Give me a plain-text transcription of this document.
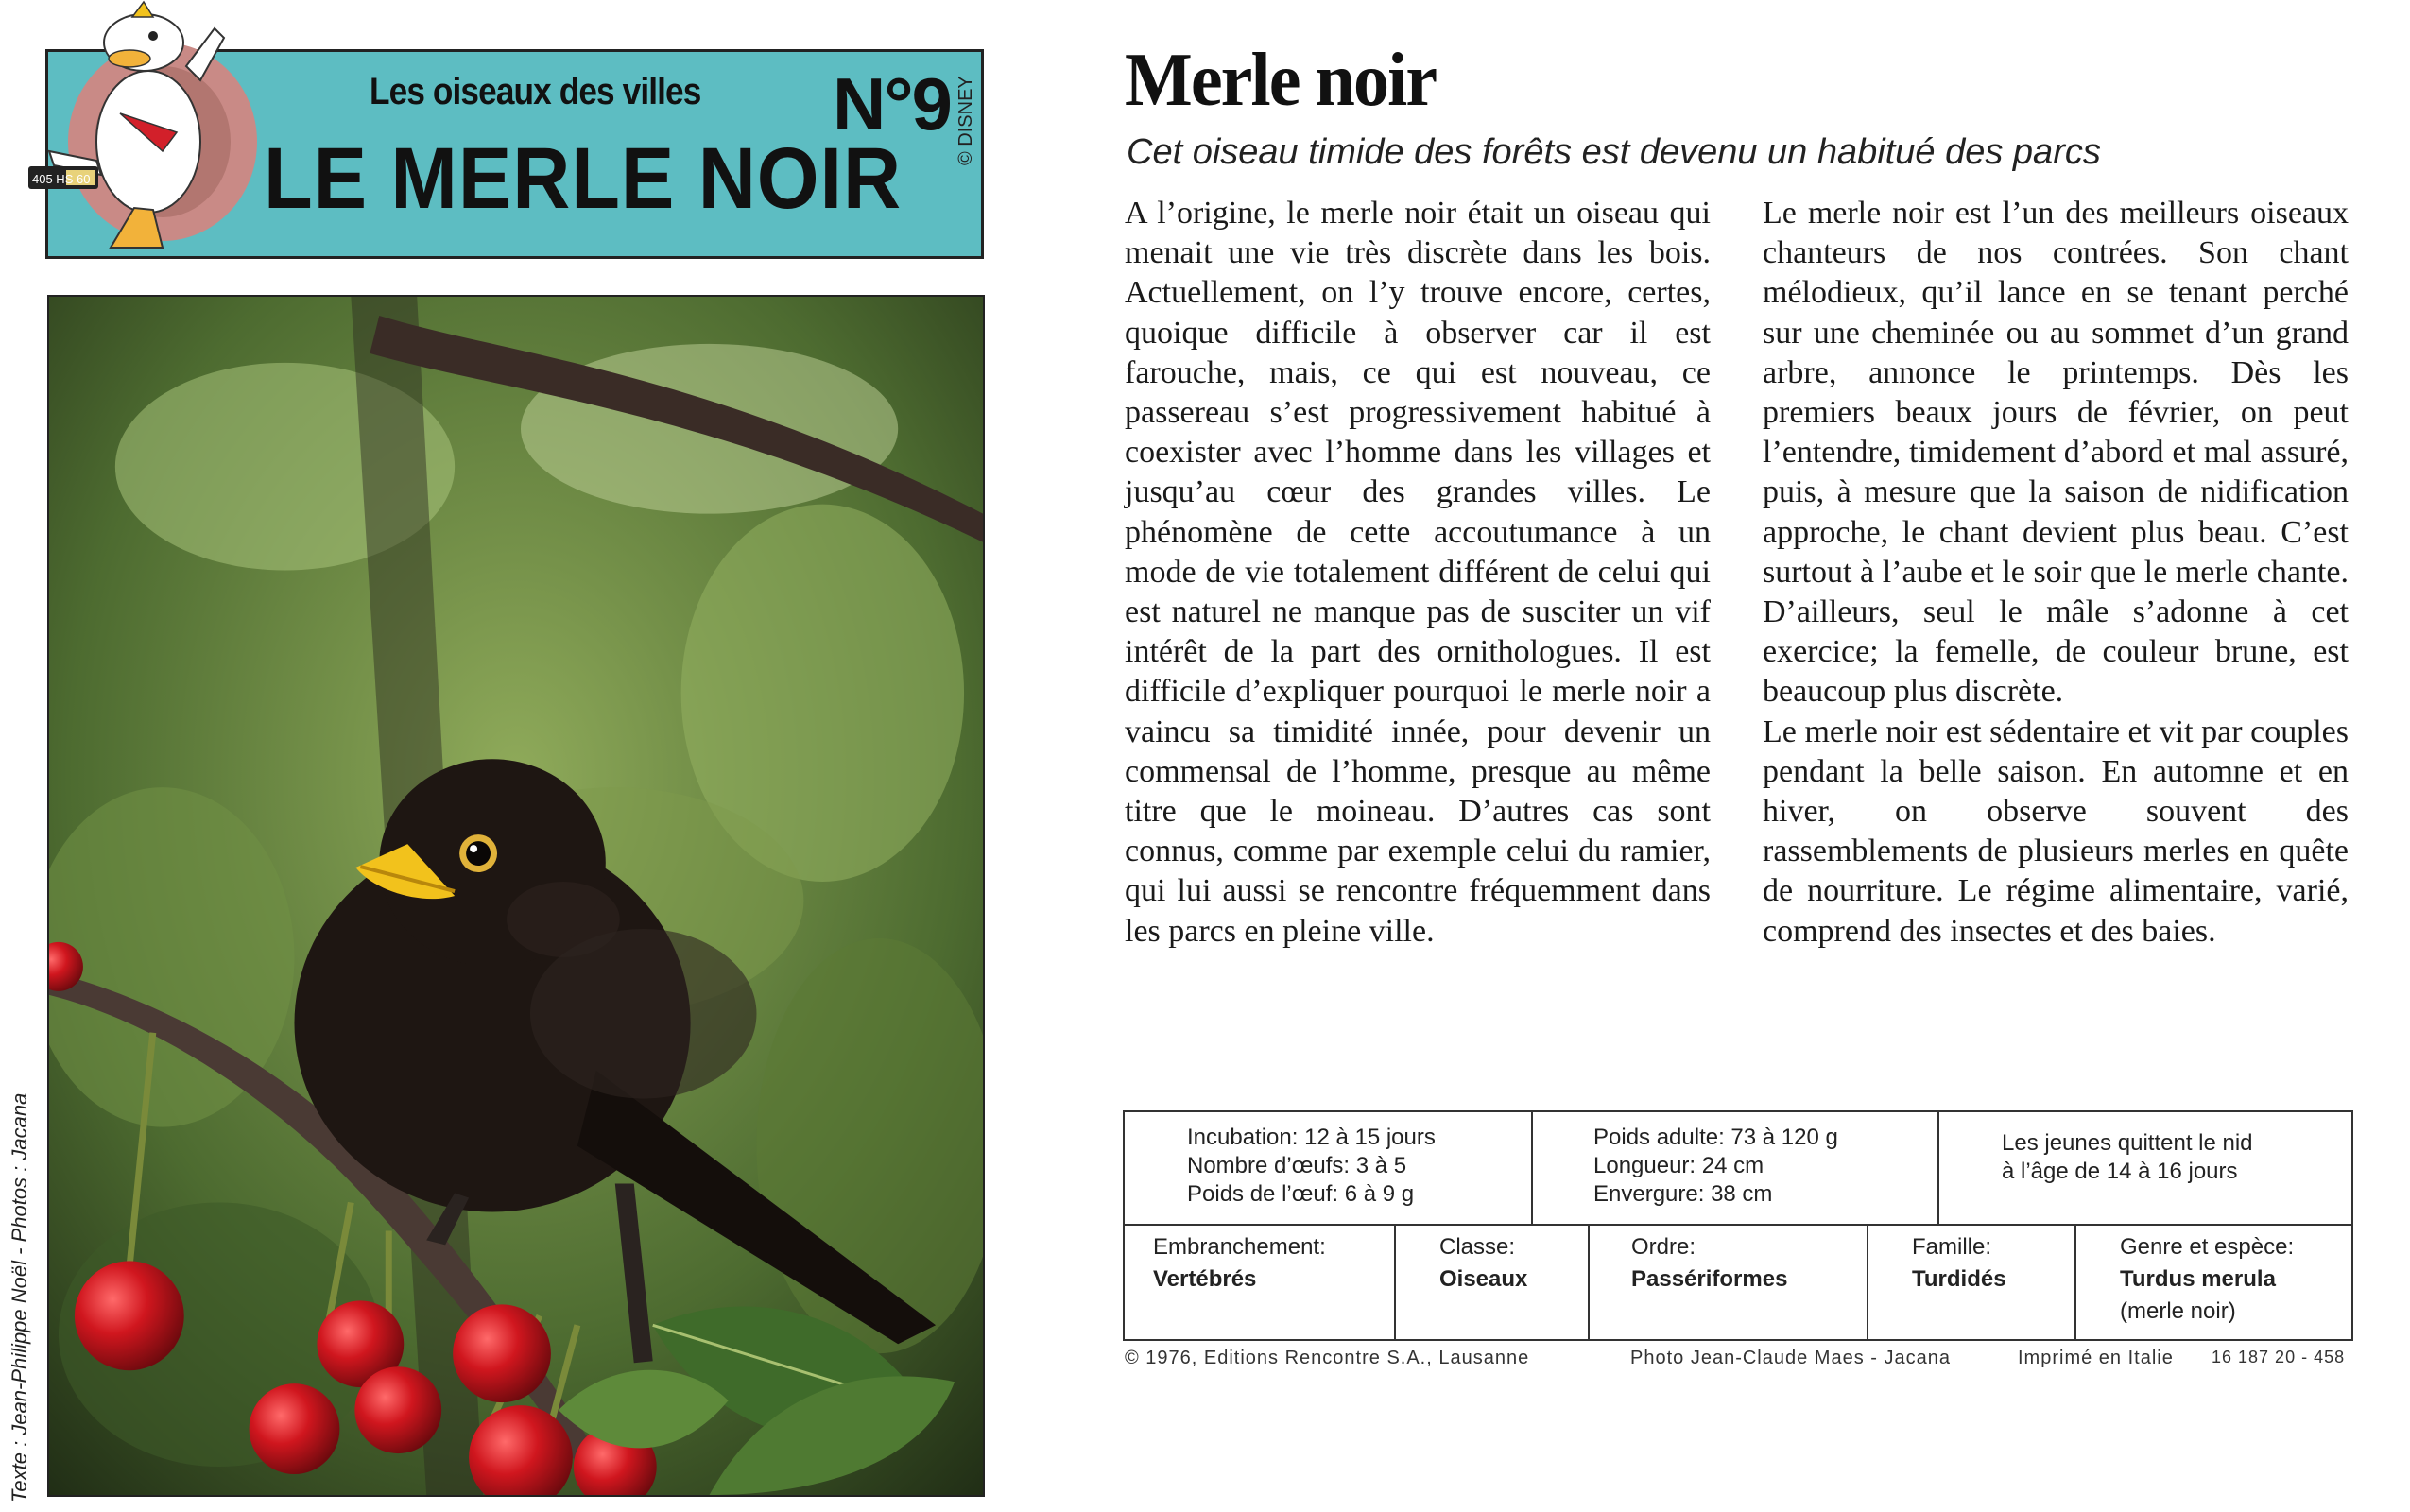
Les oiseaux des villes N°9
LE MERLE NOIR
© DISNEY
405 HS 60
Texte : Jean-Philippe Noël - Photos : Jacana
Merle noir
Cet oiseau timide des forêts est devenu un habitué des parcs

A l’origine, le merle noir était un oiseau qui menait une vie très discrète dans les bois. Actuellement, on l’y trouve encore, certes, quoique difficile à observer car il est farouche, mais, ce qui est nouveau, ce passereau s’est progressivement habitué à coexister avec l’homme dans les villages et jusqu’au cœur des grandes villes. Le phénomène de cette accoutumance à un mode de vie totalement différent de celui qui est naturel ne manque pas de susciter un vif intérêt de la part des ornithologues. Il est difficile d’expliquer pourquoi le merle noir a vaincu sa timidité innée, pour devenir un commensal de l’homme, presque au même titre que le moineau. D’autres cas sont connus, comme par exemple celui du ramier, qui lui aussi se rencontre fréquemment dans les parcs en pleine ville.

Le merle noir est l’un des meilleurs oiseaux chanteurs de nos contrées. Son chant mélodieux, qu’il lance en se tenant perché sur une cheminée ou au sommet d’un grand arbre, annonce le printemps. Dès les premiers beaux jours de février, on peut l’entendre, timidement d’abord et mal assuré, puis, à mesure que la saison de nidification approche, le chant devient plus beau. C’est surtout à l’aube et le soir que le merle chante. D’ailleurs, seul le mâle s’adonne à cet exercice; la femelle, de couleur brune, est beaucoup plus discrète.

Le merle noir est sédentaire et vit par couples pendant la belle saison. En automne et en hiver, on observe souvent des rassemblements de plusieurs merles en quête de nourriture. Le régime alimentaire, varié, comprend des insectes et des baies.

Incubation: 12 à 15 jours
Nombre d’œufs: 3 à 5
Poids de l’œuf: 6 à 9 g
Poids adulte: 73 à 120 g
Longueur: 24 cm
Envergure: 38 cm
Les jeunes quittent le nid
à l’âge de 14 à 16 jours
Embranchement:
Vertébrés
Classe:
Oiseaux
Ordre:
Passériformes
Famille:
Turdidés
Genre et espèce:
Turdus merula
(merle noir)
© 1976, Editions Rencontre S.A., Lausanne	Photo Jean-Claude Maes - Jacana	Imprimé en Italie 16 187 20 - 458
